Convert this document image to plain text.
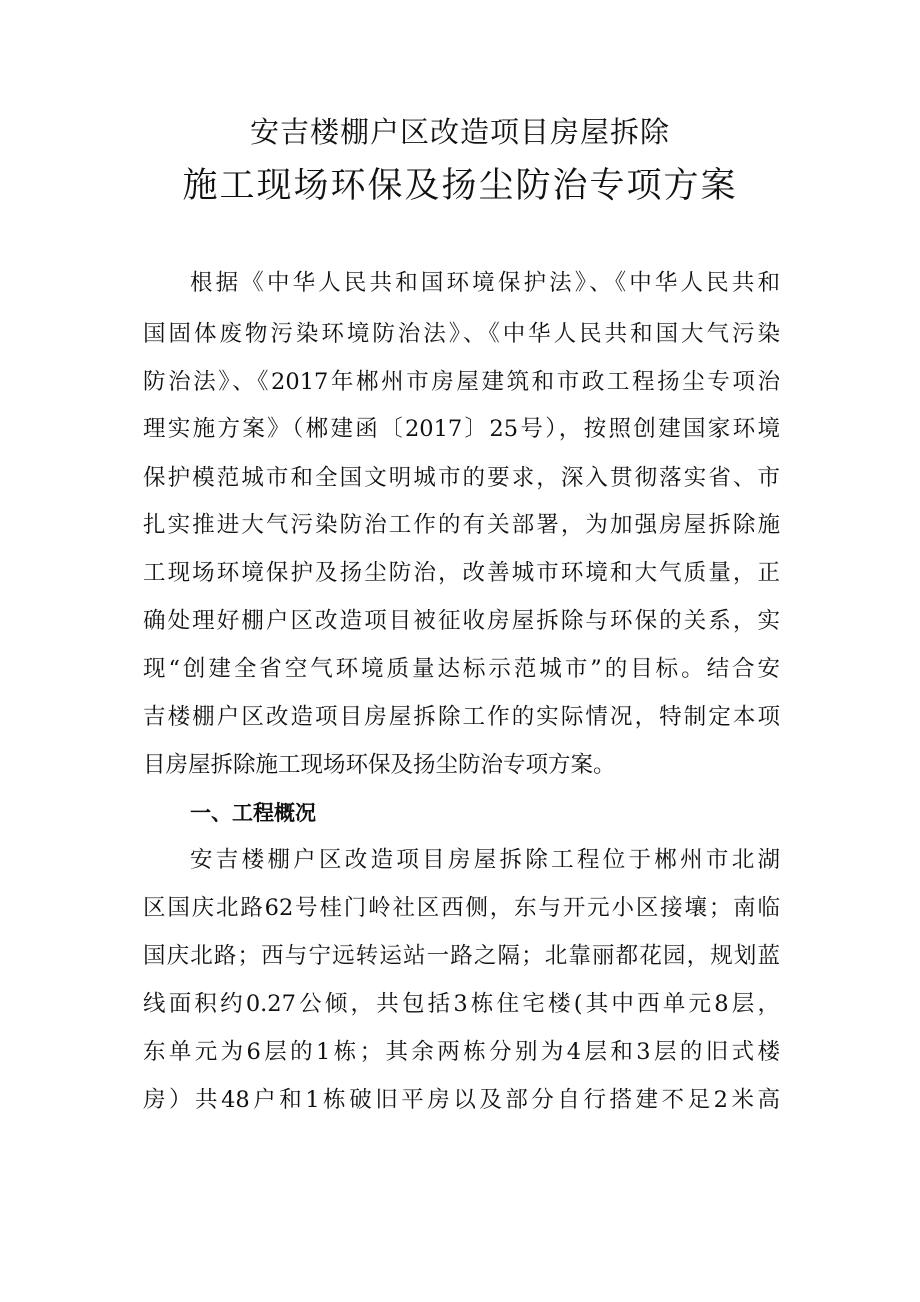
安吉楼棚户区改造项目房屋拆除
施工现场环保及扬尘防治专项方案
根据《中华人民共和国环境保护法》、《中华人民共和
国固体废物污染环境防治法》、《中华人民共和国大气污染
防治法》、《2017年郴州市房屋建筑和市政工程扬尘专项治
理实施方案》（郴建函〔2017〕25号），按照创建国家环境
保护模范城市和全国文明城市的要求，深入贯彻落实省、市
扎实推进大气污染防治工作的有关部署，为加强房屋拆除施
工现场环境保护及扬尘防治，改善城市环境和大气质量，正
确处理好棚户区改造项目被征收房屋拆除与环保的关系，实
现“创建全省空气环境质量达标示范城市”的目标。结合安
吉楼棚户区改造项目房屋拆除工作的实际情况，特制定本项
目房屋拆除施工现场环保及扬尘防治专项方案。
一、工程概况
安吉楼棚户区改造项目房屋拆除工程位于郴州市北湖
区国庆北路62号桂门岭社区西侧，东与开元小区接壤；南临
国庆北路；西与宁远转运站一路之隔；北靠丽都花园，规划蓝
线面积约0.27公倾，共包括3栋住宅楼(其中西单元8层，
东单元为6层的1栋；其余两栋分别为4层和3层的旧式楼
房）共48户和1栋破旧平房以及部分自行搭建不足2米高
